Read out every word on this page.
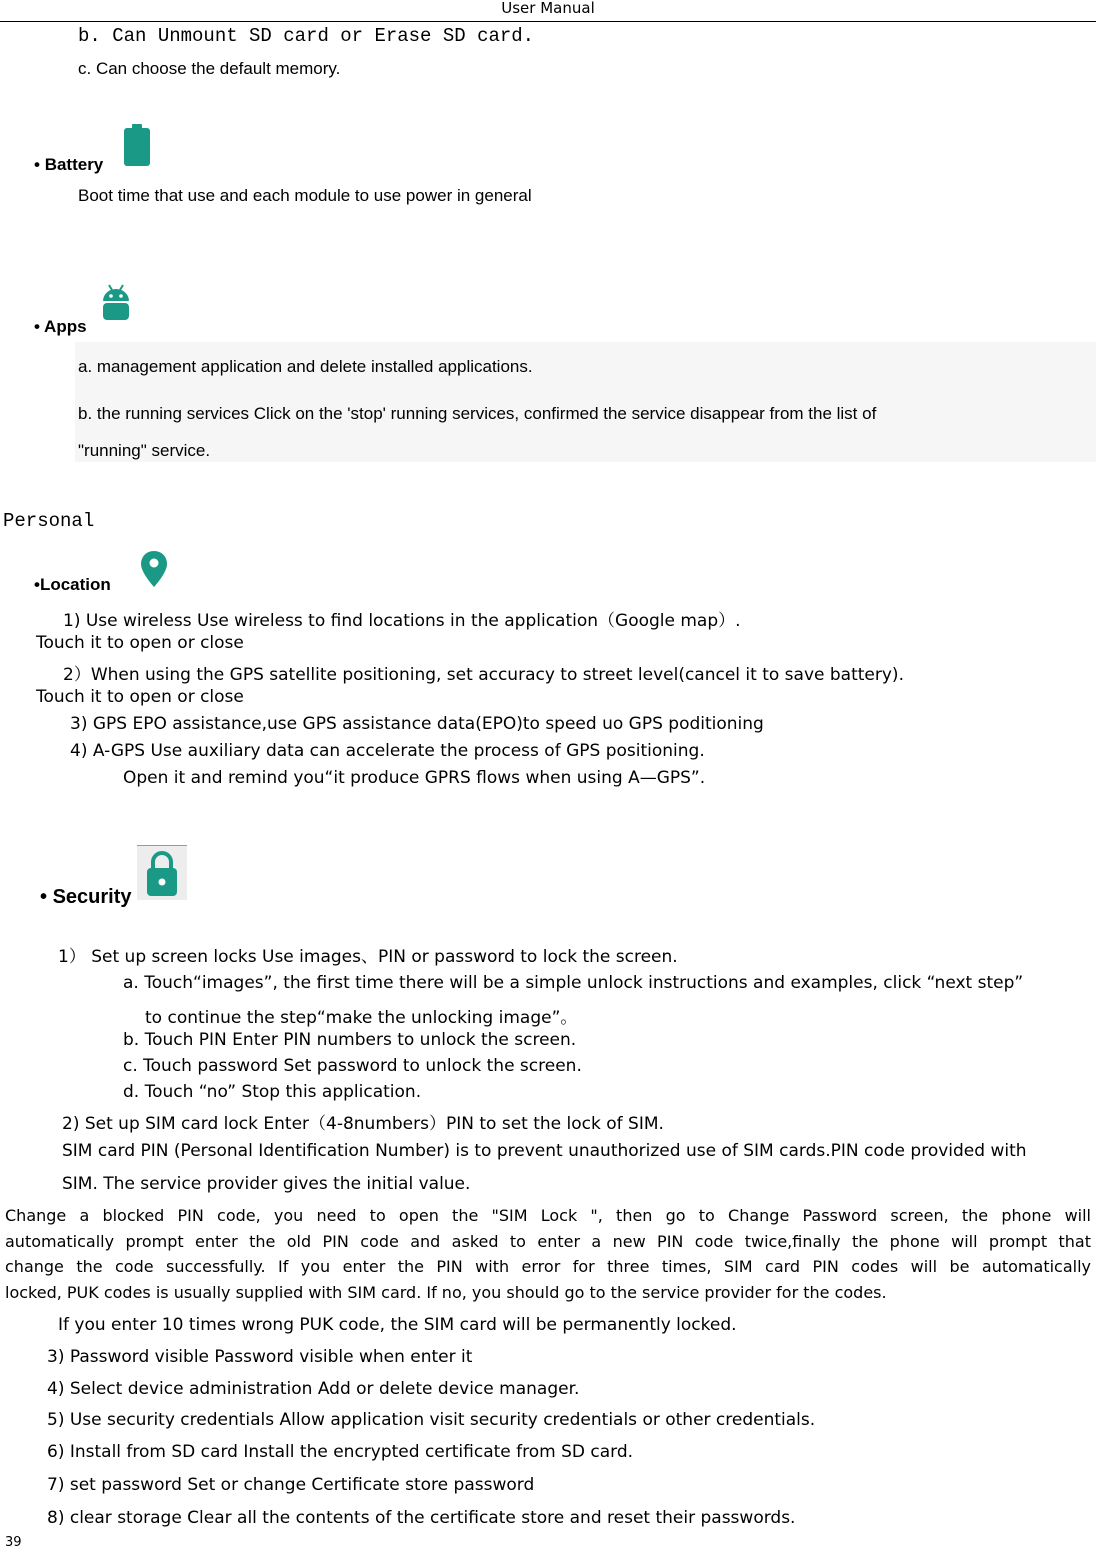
User Manual
b. Can Unmount SD card or Erase SD card.
c. Can choose the default memory.
• Battery
Boot time that use and each module to use power in general
• Apps
a. management application and delete installed applications.
b. the running services Click on the 'stop' running services, confirmed the service disappear from the list of
"running" service.
Personal
•Location
1) Use wireless Use wireless to find locations in the application（Google map）.
Touch it to open or close
2）When using the GPS satellite positioning, set accuracy to street level(cancel it to save battery).
Touch it to open or close
3) GPS EPO assistance,use GPS assistance data(EPO)to speed uo GPS poditioning
4) A-GPS Use auxiliary data can accelerate the process of GPS positioning.
Open it and remind you“it produce GPRS flows when using A—GPS”.
• Security
1） Set up screen locks Use images、PIN or password to lock the screen.
a. Touch“images”, the first time there will be a simple unlock instructions and examples, click “next step”
to continue the step“make the unlocking image”。
b. Touch PIN Enter PIN numbers to unlock the screen.
c. Touch password Set password to unlock the screen.
d. Touch “no” Stop this application.
2) Set up SIM card lock Enter（4-8numbers）PIN to set the lock of SIM.
SIM card PIN (Personal Identification Number) is to prevent unauthorized use of SIM cards.PIN code provided with
SIM. The service provider gives the initial value.
Change a blocked PIN code, you need to open the "SIM Lock ", then go to Change Password screen, the phone will
automatically prompt enter the old PIN code and asked to enter a new PIN code twice,finally the phone will prompt that
change the code successfully. If you enter the PIN with error for three times, SIM card PIN codes will be automatically
locked, PUK codes is usually supplied with SIM card. If no, you should go to the service provider for the codes.
If you enter 10 times wrong PUK code, the SIM card will be permanently locked.
3) Password visible Password visible when enter it
4) Select device administration Add or delete device manager.
5) Use security credentials Allow application visit security credentials or other credentials.
6) Install from SD card Install the encrypted certificate from SD card.
7) set password Set or change Certificate store password
8) clear storage Clear all the contents of the certificate store and reset their passwords.
39
